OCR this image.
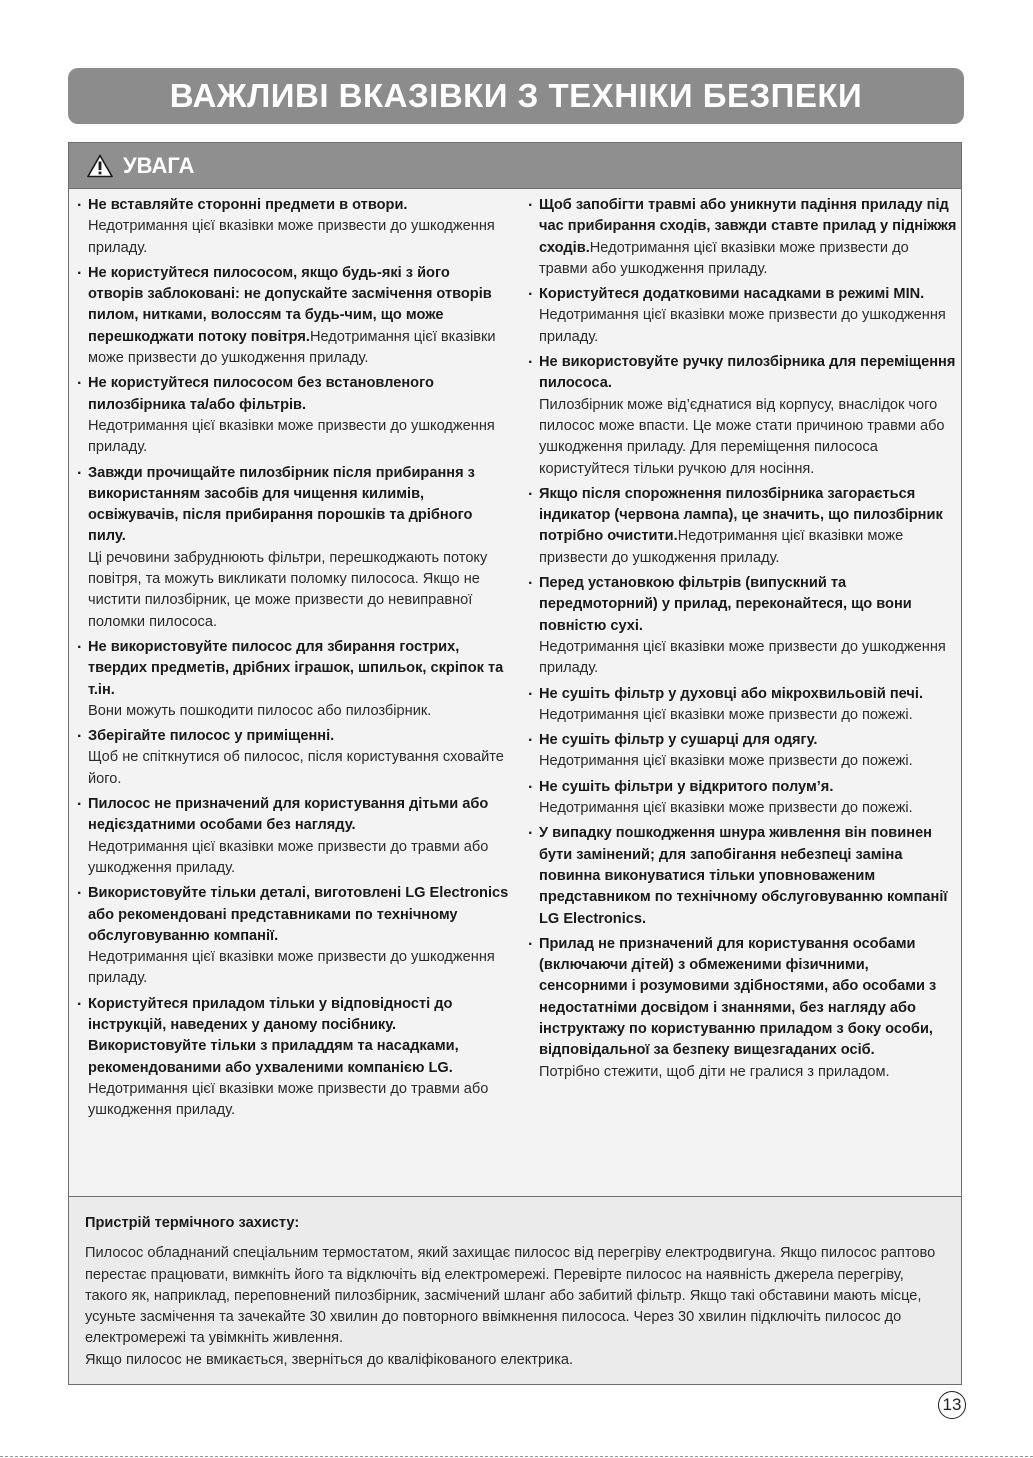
ВАЖЛИВІ ВКАЗІВКИ З ТЕХНІКИ БЕЗПЕКИ
УВАГА
· Не вставляйте сторонні предмети в отвори.
Недотримання цієї вказівки може призвести до ушкодження приладу.
· Не користуйтеся пилососом, якщо будь-які з його отворів заблоковані: не допускайте засмічення отворів пилом, нитками, волоссям та будь-чим, що може перешкоджати потоку повітря.Недотримання цієї вказівки може призвести до ушкодження приладу.
· Не користуйтеся пилососом без встановленого пилозбірника та/або фільтрів.
Недотримання цієї вказівки може призвести до ушкодження приладу.
· Завжди прочищайте пилозбірник після прибирання з використанням засобів для чищення килимів, освіжувачів, після прибирання порошків та дрібного пилу.
Ці речовини забруднюють фільтри, перешкоджають потоку повітря, та можуть викликати поломку пилососа. Якщо не чистити пилозбірник, це може призвести до невиправної поломки пилососа.
· Не використовуйте пилосос для збирання гострих, твердих предметів, дрібних іграшок, шпильок, скріпок та т.ін.
Вони можуть пошкодити пилосос або пилозбірник.
· Зберігайте пилосос у приміщенні.
Щоб не спіткнутися об пилосос, після користування сховайте його.
· Пилосос не призначений для користування дітьми або недієздатними особами без нагляду.
Недотримання цієї вказівки може призвести до травми або ушкодження приладу.
· Використовуйте тільки деталі, виготовлені LG Electronics або рекомендовані представниками по технічному обслуговуванню компанії.
Недотримання цієї вказівки може призвести до ушкодження приладу.
· Користуйтеся приладом тільки у відповідності до інструкцій, наведених у даному посібнику. Використовуйте тільки з приладдям та насадками, рекомендованими або ухваленими компанією LG.
Недотримання цієї вказівки може призвести до травми або ушкодження приладу.
· Щоб запобігти травмі або уникнути падіння приладу під час прибирання сходів, завжди ставте прилад у підніжжя сходів.Недотримання цієї вказівки може призвести до травми або ушкодження приладу.
· Користуйтеся додатковими насадками в режимі MIN.
Недотримання цієї вказівки може призвести до ушкодження приладу.
· Не використовуйте ручку пилозбірника для переміщення пилососа.
Пилозбірник може від’єднатися від корпусу, внаслідок чого пилосос може впасти. Це може стати причиною травми або ушкодження приладу. Для переміщення пилососа користуйтеся тільки ручкою для носіння.
· Якщо після спорожнення пилозбірника загорається індикатор (червона лампа), це значить, що пилозбірник потрібно очистити.Недотримання цієї вказівки може призвести до ушкодження приладу.
· Перед установкою фільтрів (випускний та передмоторний) у прилад, переконайтеся, що вони повністю сухі.
Недотримання цієї вказівки може призвести до ушкодження приладу.
· Не сушіть фільтр у духовці або мікрохвильовій печі.
Недотримання цієї вказівки може призвести до пожежі.
· Не сушіть фільтр у сушарці для одягу.
Недотримання цієї вказівки може призвести до пожежі.
· Не сушіть фільтри у відкритого полум’я.
Недотримання цієї вказівки може призвести до пожежі.
· У випадку пошкодження шнура живлення він повинен бути замінений; для запобігання небезпеці заміна повинна виконуватися тільки уповноваженим представником по технічному обслуговуванню компанії LG Electronics.
· Прилад не призначений для користування особами (включаючи дітей) з обмеженими фізичними, сенсорними і розумовими здібностями, або особами з недостатніми досвідом і знаннями, без нагляду або інструктажу по користуванню приладом з боку особи, відповідальної за безпеку вищезгаданих осіб.
Потрібно стежити, щоб діти не гралися з приладом.
Пристрій термічного захисту:

Пилосос обладнаний спеціальним термостатом, який захищає пилосос від перегріву електродвигуна. Якщо пилосос раптово перестає працювати, вимкніть його та відключіть від електромережі. Перевірте пилосос на наявність джерела перегріву, такого як, наприклад, переповнений пилозбірник, засмічений шланг або забитий фільтр. Якщо такі обставини мають місце, усуньте засмічення та зачекайте 30 хвилин до повторного ввімкнення пилососа. Через 30 хвилин підключіть пилосос до електромережі та увімкніть живлення.

Якщо пилосос не вмикається, зверніться до кваліфікованого електрика.

13
